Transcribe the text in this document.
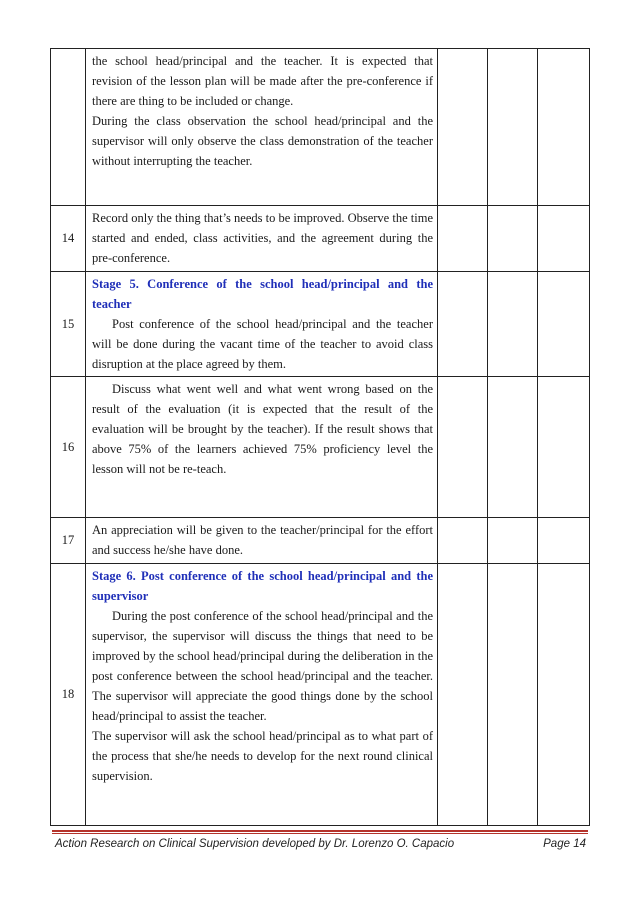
	the school head/principal and the teacher. It is expected that revision of the lesson plan will be made after the pre-conference if there are thing to be included or change.

During the class observation the school head/principal and the supervisor will only observe the class demonstration of the teacher without interrupting the teacher.			

14	Record only the thing that’s needs to be improved. Observe the time started and ended, class activities, and the agreement during the pre-conference.			

15	Stage 5. Conference of the school head/principal and the teacher

Post conference of the school head/principal and the teacher will be done during the vacant time of the teacher to avoid class disruption at the place agreed by them.			

16	Discuss what went well and what went wrong based on the result of the evaluation (it is expected that the result of the evaluation will be brought by the teacher). If the result shows that above 75% of the learners achieved 75% proficiency level the lesson will not be re-teach.			

17	An appreciation will be given to the teacher/principal for the effort and success he/she have done.			

18	Stage 6. Post conference of the school head/principal and the supervisor

During the post conference of the school head/principal and the supervisor, the supervisor will discuss the things that need to be improved by the school head/principal during the deliberation in the post conference between the school head/principal and the teacher. The supervisor will appreciate the good things done by the school head/principal to assist the teacher.

The supervisor will ask the school head/principal as to what part of the process that she/he needs to develop for the next round clinical supervision.			

Action Research on Clinical Supervision developed by Dr. Lorenzo O. Capacio	Page 14
